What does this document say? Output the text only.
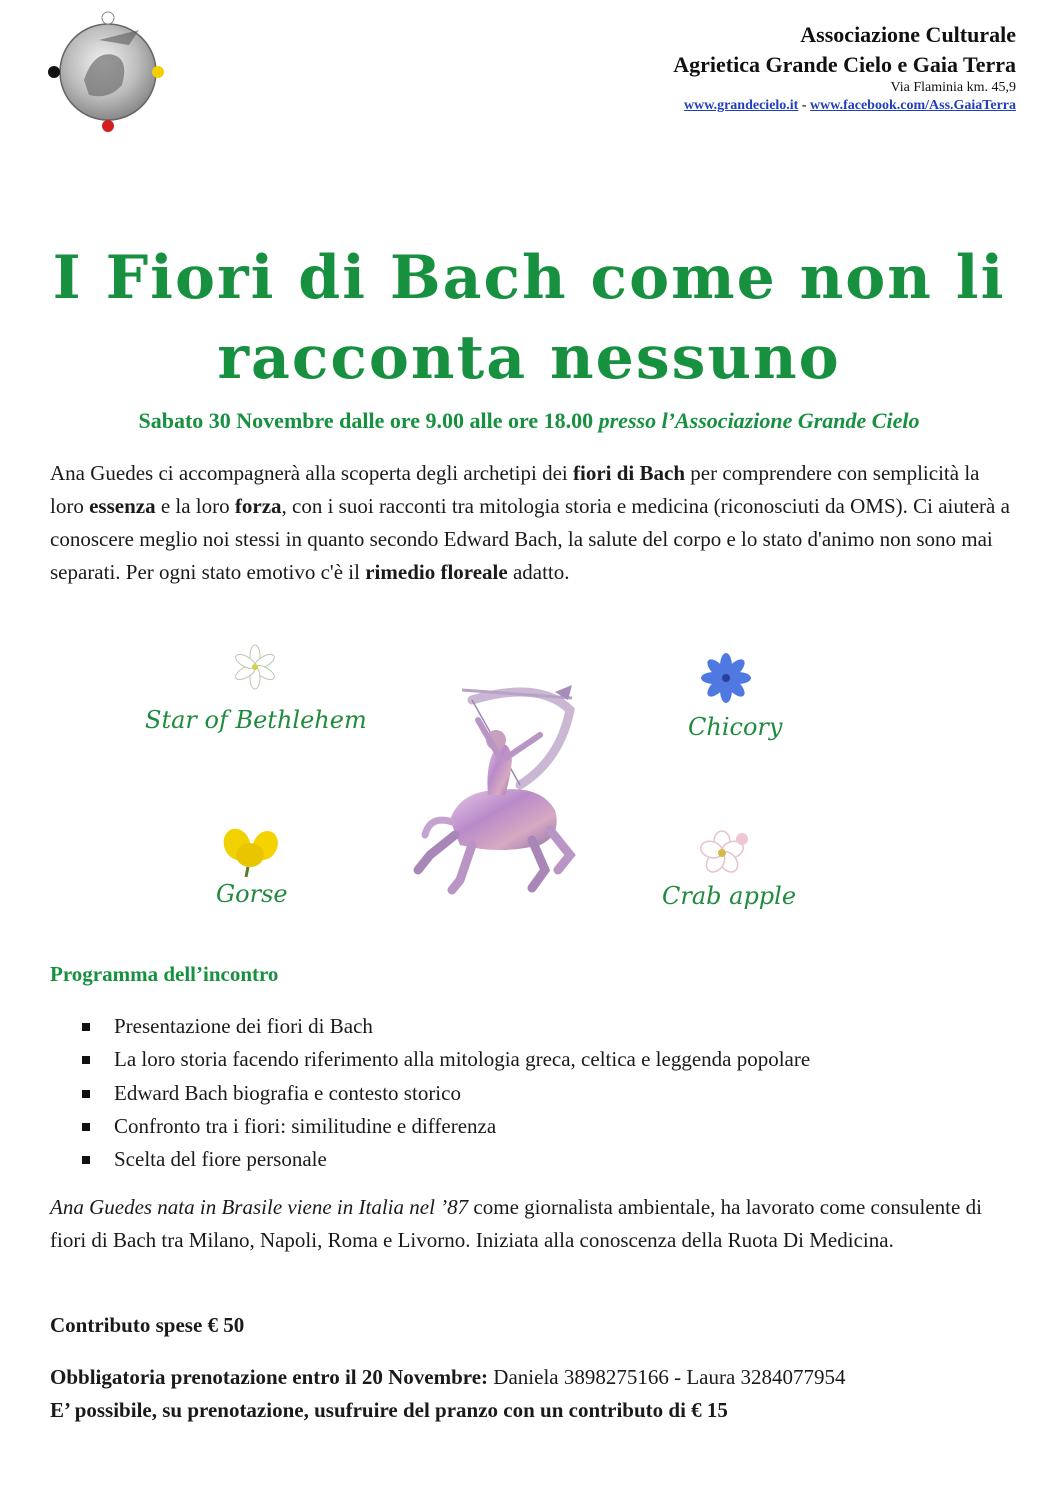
Associazione Culturale
Agrietica Grande Cielo e Gaia Terra
Via Flaminia km. 45,9
www.grandecielo.it - www.facebook.com/Ass.GaiaTerra
I Fiori di Bach come non li
racconta nessuno
Sabato 30 Novembre dalle ore 9.00 alle ore 18.00 presso l’Associazione Grande Cielo
Ana Guedes ci accompagnerà alla scoperta degli archetipi dei fiori di Bach per comprendere con semplicità la loro essenza e la loro forza, con i suoi racconti tra mitologia storia e medicina (riconosciuti da OMS). Ci aiuterà a conoscere meglio noi stessi in quanto secondo Edward Bach, la salute del corpo e lo stato d'animo non sono mai separati. Per ogni stato emotivo c'è il rimedio floreale adatto.
Star of Bethlehem	Chicory
Gorse	Crab apple
Programma dell’incontro
Presentazione dei fiori di Bach
La loro storia facendo riferimento alla mitologia greca, celtica e leggenda popolare
Edward Bach biografia e contesto storico
Confronto tra i fiori: similitudine e differenza
Scelta del fiore personale
Ana Guedes nata in Brasile viene in Italia nel ’87 come giornalista ambientale, ha lavorato come consulente di fiori di Bach tra Milano, Napoli, Roma e Livorno. Iniziata alla conoscenza della Ruota Di Medicina.
Contributo spese € 50
Obbligatoria prenotazione entro il 20 Novembre: Daniela 3898275166 - Laura 3284077954
E’ possibile, su prenotazione, usufruire del pranzo con un contributo di € 15
